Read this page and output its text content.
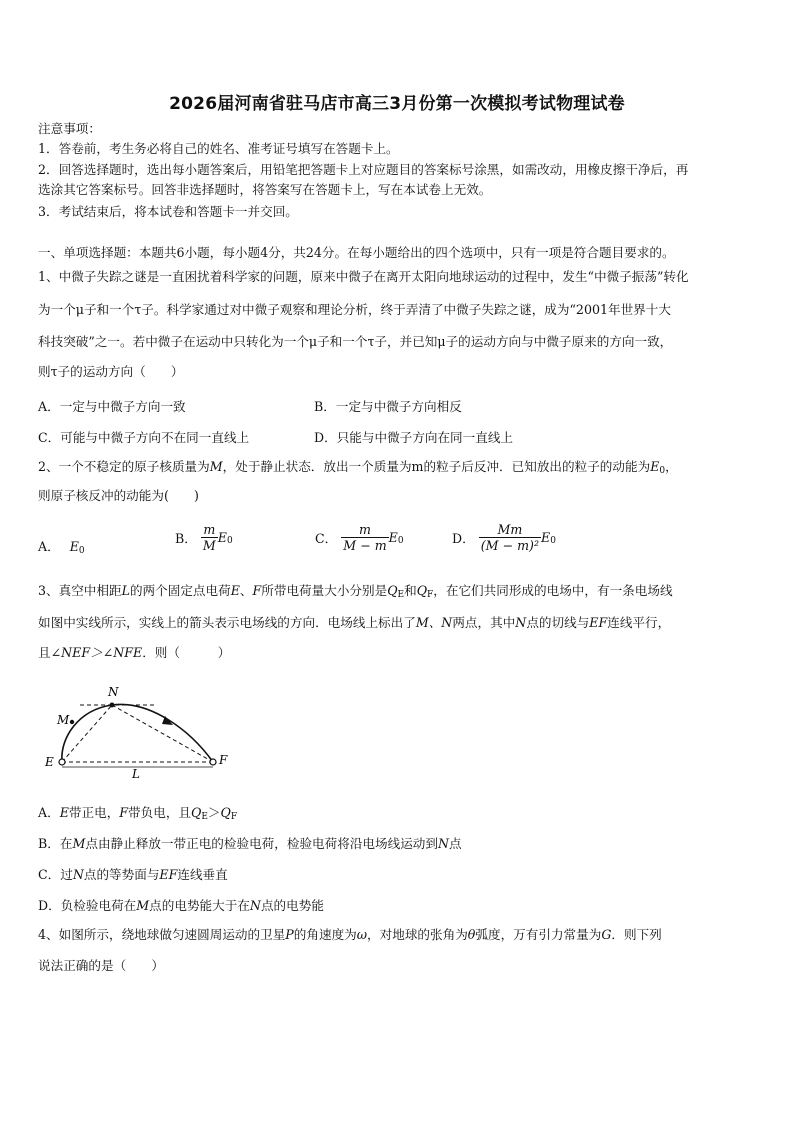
2026届河南省驻马店市高三3月份第一次模拟考试物理试卷
注意事项：
1．答卷前，考生务必将自己的姓名、准考证号填写在答题卡上。
2．回答选择题时，选出每小题答案后，用铅笔把答题卡上对应题目的答案标号涂黑，如需改动，用橡皮擦干净后，再
选涂其它答案标号。回答非选择题时，将答案写在答题卡上，写在本试卷上无效。
3．考试结束后，将本试卷和答题卡一并交回。
一、单项选择题：本题共6小题，每小题4分，共24分。在每小题给出的四个选项中，只有一项是符合题目要求的。
1、中微子失踪之谜是一直困扰着科学家的问题，原来中微子在离开太阳向地球运动的过程中，发生“中微子振荡”转化
为一个μ子和一个τ子。科学家通过对中微子观察和理论分析，终于弄清了中微子失踪之谜，成为“2001年世界十大
科技突破”之一。若中微子在运动中只转化为一个μ子和一个τ子，并已知μ子的运动方向与中微子原来的方向一致，
则τ子的运动方向（　　）
A．一定与中微子方向一致	B．一定与中微子方向相反
C．可能与中微子方向不在同一直线上	D．只能与中微子方向在同一直线上
2、一个不稳定的原子核质量为M，处于静止状态．放出一个质量为m的粒子后反冲．已知放出的粒子的动能为$E_0$，
则原子核反冲的动能为(　　)
A． $E_0$
B． $\frac{m}{M} E_0$	C． $\frac{m}{M - m} E_0$	D． $\frac{Mm}{\text{(M − m)²}} E_0$
3、真空中相距L的两个固定点电荷E、F所带电荷量大小分别是$Q_E$和$Q_F$，在它们共同形成的电场中，有一条电场线
如图中实线所示，实线上的箭头表示电场线的方向．电场线上标出了M、N两点，其中N点的切线与EF连线平行，
且∠NEF＞∠NFE．则（　　　）
N
M
E	F
L
A．E带正电，F带负电，且$Q_E>Q_F$
B．在M点由静止释放一带正电的检验电荷，检验电荷将沿电场线运动到N点
C．过N点的等势面与EF连线垂直
D．负检验电荷在M点的电势能大于在N点的电势能
4、如图所示，绕地球做匀速圆周运动的卫星P的角速度为ω，对地球的张角为θ弧度，万有引力常量为G．则下列
说法正确的是（　　）
